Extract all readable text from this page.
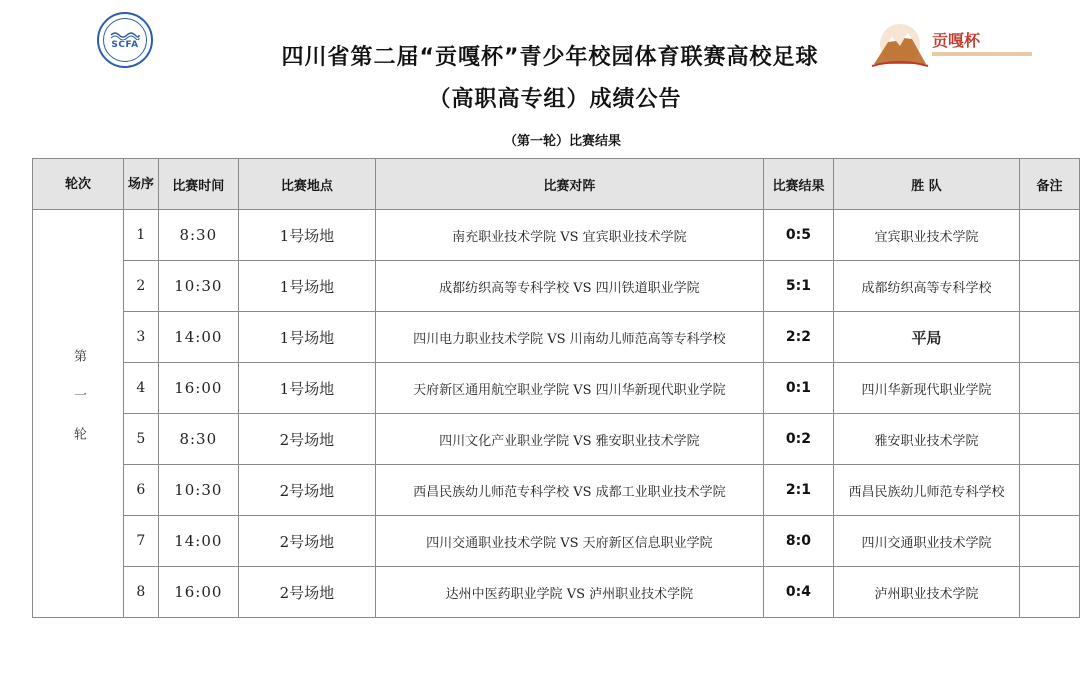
SCFA	贡嘎杯
四川省第二届“贡嘎杯”青少年校园体育联赛高校足球
（高职高专组）成绩公告
（第一轮）比赛结果
轮次	场序	比赛时间	比赛地点	比赛对阵	比赛结果	胜 队	备注
第一轮	1	8:30	1号场地	南充职业技术学院 VS 宜宾职业技术学院	0:5	宜宾职业技术学院	
	2	10:30	1号场地	成都纺织高等专科学校 VS 四川铁道职业学院	5:1	成都纺织高等专科学校	
	3	14:00	1号场地	四川电力职业技术学院 VS 川南幼儿师范高等专科学校	2:2	平局	
	4	16:00	1号场地	天府新区通用航空职业学院 VS 四川华新现代职业学院	0:1	四川华新现代职业学院	
	5	8:30	2号场地	四川文化产业职业学院 VS 雅安职业技术学院	0:2	雅安职业技术学院	
	6	10:30	2号场地	西昌民族幼儿师范专科学校 VS 成都工业职业技术学院	2:1	西昌民族幼儿师范专科学校	
	7	14:00	2号场地	四川交通职业技术学院 VS 天府新区信息职业学院	8:0	四川交通职业技术学院	
	8	16:00	2号场地	达州中医药职业学院 VS 泸州职业技术学院	0:4	泸州职业技术学院	
